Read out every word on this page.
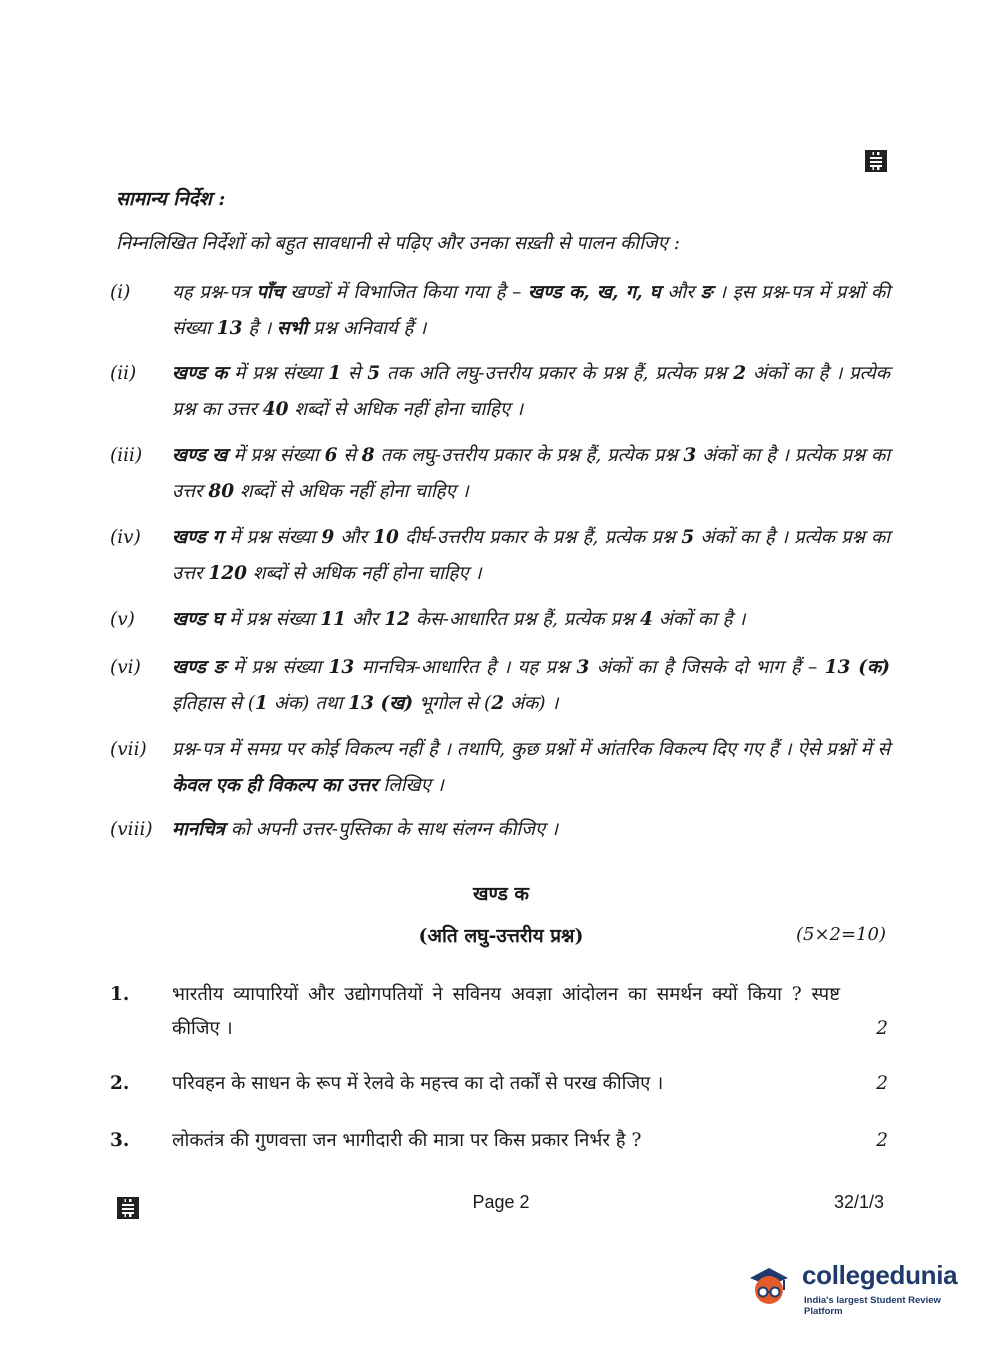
सामान्य निर्देश :
निम्नलिखित निर्देशों को बहुत सावधानी से पढ़िए और उनका सख़्ती से पालन कीजिए :
(i)	यह प्रश्न-पत्र पाँच खण्डों में विभाजित किया गया है – खण्ड क, ख, ग, घ और ङ । इस प्रश्न-पत्र में प्रश्नों की संख्या 13 है । सभी प्रश्न अनिवार्य हैं ।
(ii)	खण्ड क में प्रश्न संख्या 1 से 5 तक अति लघु-उत्तरीय प्रकार के प्रश्न हैं, प्रत्येक प्रश्न 2 अंकों का है । प्रत्येक प्रश्न का उत्तर 40 शब्दों से अधिक नहीं होना चाहिए ।
(iii)	खण्ड ख में प्रश्न संख्या 6 से 8 तक लघु-उत्तरीय प्रकार के प्रश्न हैं, प्रत्येक प्रश्न 3 अंकों का है । प्रत्येक प्रश्न का उत्तर 80 शब्दों से अधिक नहीं होना चाहिए ।
(iv)	खण्ड ग में प्रश्न संख्या 9 और 10 दीर्घ-उत्तरीय प्रकार के प्रश्न हैं, प्रत्येक प्रश्न 5 अंकों का है । प्रत्येक प्रश्न का उत्तर 120 शब्दों से अधिक नहीं होना चाहिए ।
(v)	खण्ड घ में प्रश्न संख्या 11 और 12 केस-आधारित प्रश्न हैं, प्रत्येक प्रश्न 4 अंकों का है ।
(vi)	खण्ड ङ में प्रश्न संख्या 13 मानचित्र-आधारित है । यह प्रश्न 3 अंकों का है जिसके दो भाग हैं – 13 (क) इतिहास से (1 अंक) तथा 13 (ख) भूगोल से (2 अंक) ।
(vii)	प्रश्न-पत्र में समग्र पर कोई विकल्प नहीं है । तथापि, कुछ प्रश्नों में आंतरिक विकल्प दिए गए हैं । ऐसे प्रश्नों में से केवल एक ही विकल्प का उत्तर लिखिए ।
(viii)	मानचित्र को अपनी उत्तर-पुस्तिका के साथ संलग्न कीजिए ।
खण्ड क
(अति लघु-उत्तरीय प्रश्न)	(5×2=10)
1. भारतीय व्यापारियों और उद्योगपतियों ने सविनय अवज्ञा आंदोलन का समर्थन क्यों किया ? स्पष्ट कीजिए ।	2
2. परिवहन के साधन के रूप में रेलवे के महत्त्व का दो तर्कों से परख कीजिए ।	2
3. लोकतंत्र की गुणवत्ता जन भागीदारी की मात्रा पर किस प्रकार निर्भर है ?	2
Page 2	32/1/3
collegedunia
India's largest Student Review Platform
